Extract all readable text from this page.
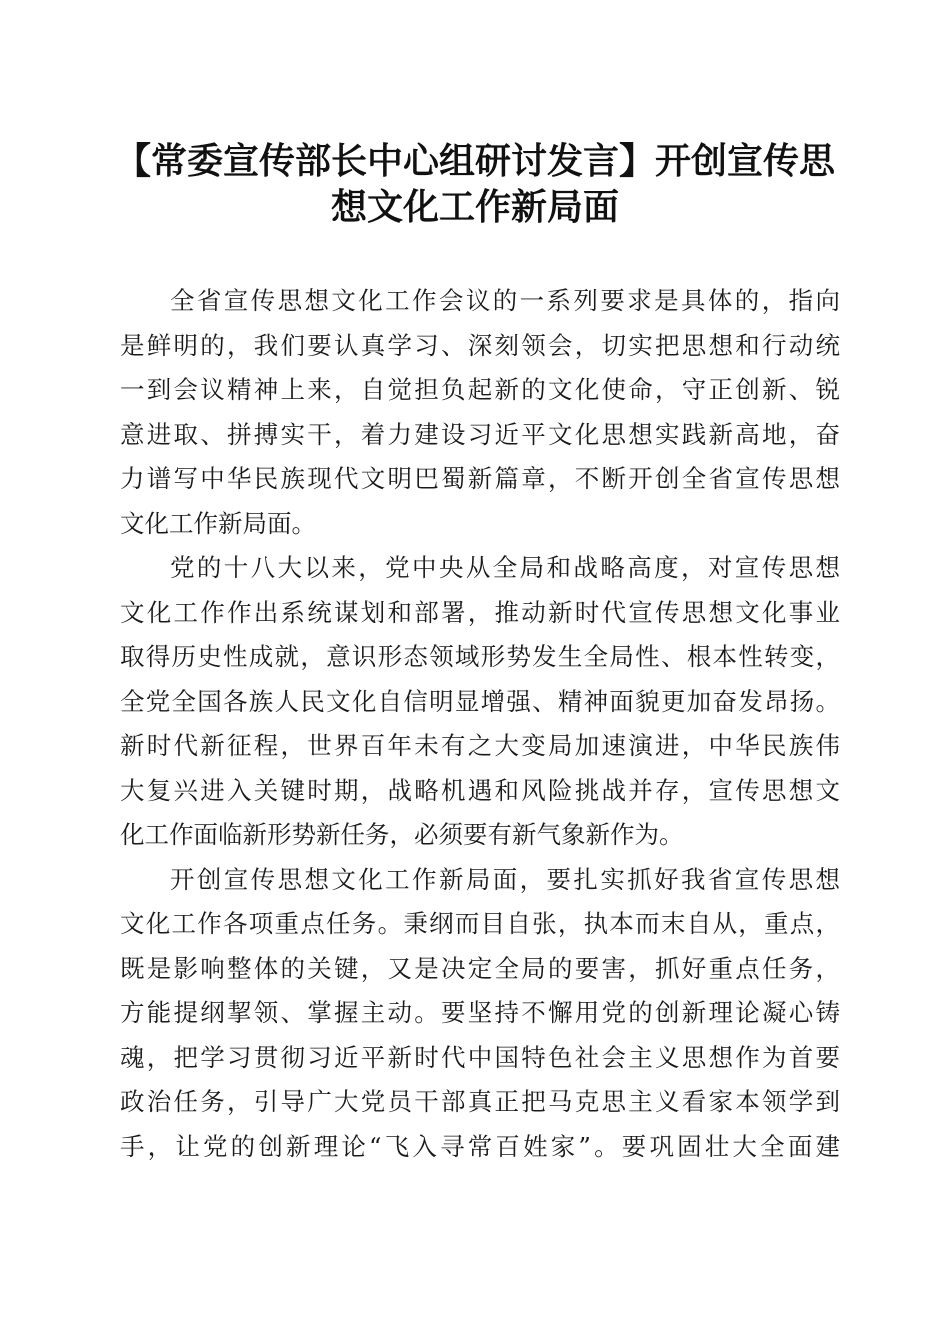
【常委宣传部长中心组研讨发言】开创宣传思
想文化工作新局面

全省宣传思想文化工作会议的一系列要求是具体的，指向
是鲜明的，我们要认真学习、深刻领会，切实把思想和行动统
一到会议精神上来，自觉担负起新的文化使命，守正创新、锐
意进取、拼搏实干，着力建设习近平文化思想实践新高地，奋
力谱写中华民族现代文明巴蜀新篇章，不断开创全省宣传思想
文化工作新局面。

党的十八大以来，党中央从全局和战略高度，对宣传思想
文化工作作出系统谋划和部署，推动新时代宣传思想文化事业
取得历史性成就，意识形态领域形势发生全局性、根本性转变，
全党全国各族人民文化自信明显增强、精神面貌更加奋发昂扬。
新时代新征程，世界百年未有之大变局加速演进，中华民族伟
大复兴进入关键时期，战略机遇和风险挑战并存，宣传思想文
化工作面临新形势新任务，必须要有新气象新作为。

开创宣传思想文化工作新局面，要扎实抓好我省宣传思想
文化工作各项重点任务。秉纲而目自张，执本而末自从，重点，
既是影响整体的关键，又是决定全局的要害，抓好重点任务，
方能提纲挈领、掌握主动。要坚持不懈用党的创新理论凝心铸
魂，把学习贯彻习近平新时代中国特色社会主义思想作为首要
政治任务，引导广大党员干部真正把马克思主义看家本领学到
手，让党的创新理论“飞入寻常百姓家”。要巩固壮大全面建
